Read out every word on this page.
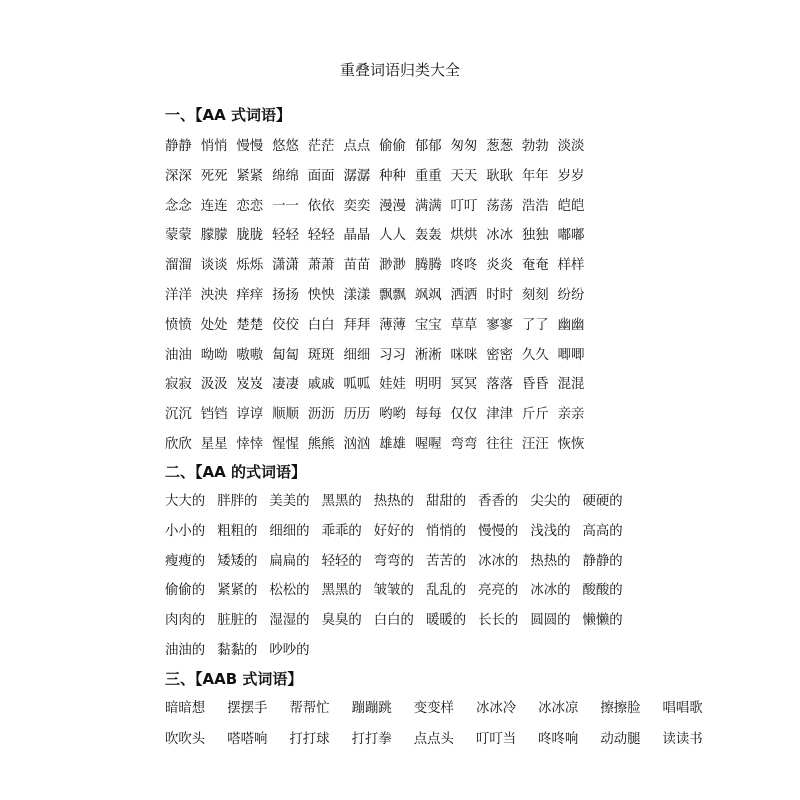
重叠词语归类大全
一、【AA 式词语】
静静 悄悄 慢慢 悠悠 茫茫 点点 偷偷 郁郁 匆匆 葱葱 勃勃 淡淡
深深 死死 紧紧 绵绵 面面 潺潺 种种 重重 天天 耿耿 年年 岁岁
念念 连连 恋恋 一一 依依 奕奕 漫漫 满满 叮叮 荡荡 浩浩 皑皑
蒙蒙 朦朦 胧胧 轻轻 轻轻 晶晶 人人 轰轰 烘烘 冰冰 独独 嘟嘟
溜溜 谈谈 烁烁 潇潇 萧萧 苗苗 渺渺 腾腾 咚咚 炎炎 奄奄 样样
洋洋 泱泱 痒痒 扬扬 怏怏 漾漾 飘飘 飒飒 洒洒 时时 刻刻 纷纷
愤愤 处处 楚楚 佼佼 白白 拜拜 薄薄 宝宝 草草 寥寥 了了 幽幽
油油 呦呦 嗷嗷 匐匐 斑斑 细细 习习 淅淅 咪咪 密密 久久 唧唧
寂寂 汲汲 岌岌 凄凄 戚戚 呱呱 娃娃 明明 冥冥 落落 昏昏 混混
沉沉 铛铛 谆谆 顺顺 沥沥 历历 哟哟 每每 仅仅 津津 斤斤 亲亲
欣欣 星星 悻悻 惺惺 熊熊 汹汹 雄雄 喔喔 弯弯 往往 汪汪 恢恢
二、【AA 的式词语】
大大的 胖胖的 美美的 黑黑的 热热的 甜甜的 香香的 尖尖的 硬硬的
小小的 粗粗的 细细的 乖乖的 好好的 悄悄的 慢慢的 浅浅的 高高的
瘦瘦的 矮矮的 扁扁的 轻轻的 弯弯的 苦苦的 冰冰的 热热的 静静的
偷偷的 紧紧的 松松的 黑黑的 皱皱的 乱乱的 亮亮的 冰冰的 酸酸的
肉肉的 脏脏的 湿湿的 臭臭的 白白的 暖暖的 长长的 圆圆的 懒懒的
油油的 黏黏的 吵吵的
三、【AAB 式词语】
暗暗想	摆摆手	帮帮忙	蹦蹦跳	变变样	冰冰冷	冰冰凉	擦擦脸	唱唱歌
吹吹头	嗒嗒响	打打球	打打拳	点点头	叮叮当	咚咚响	动动腿	读读书
